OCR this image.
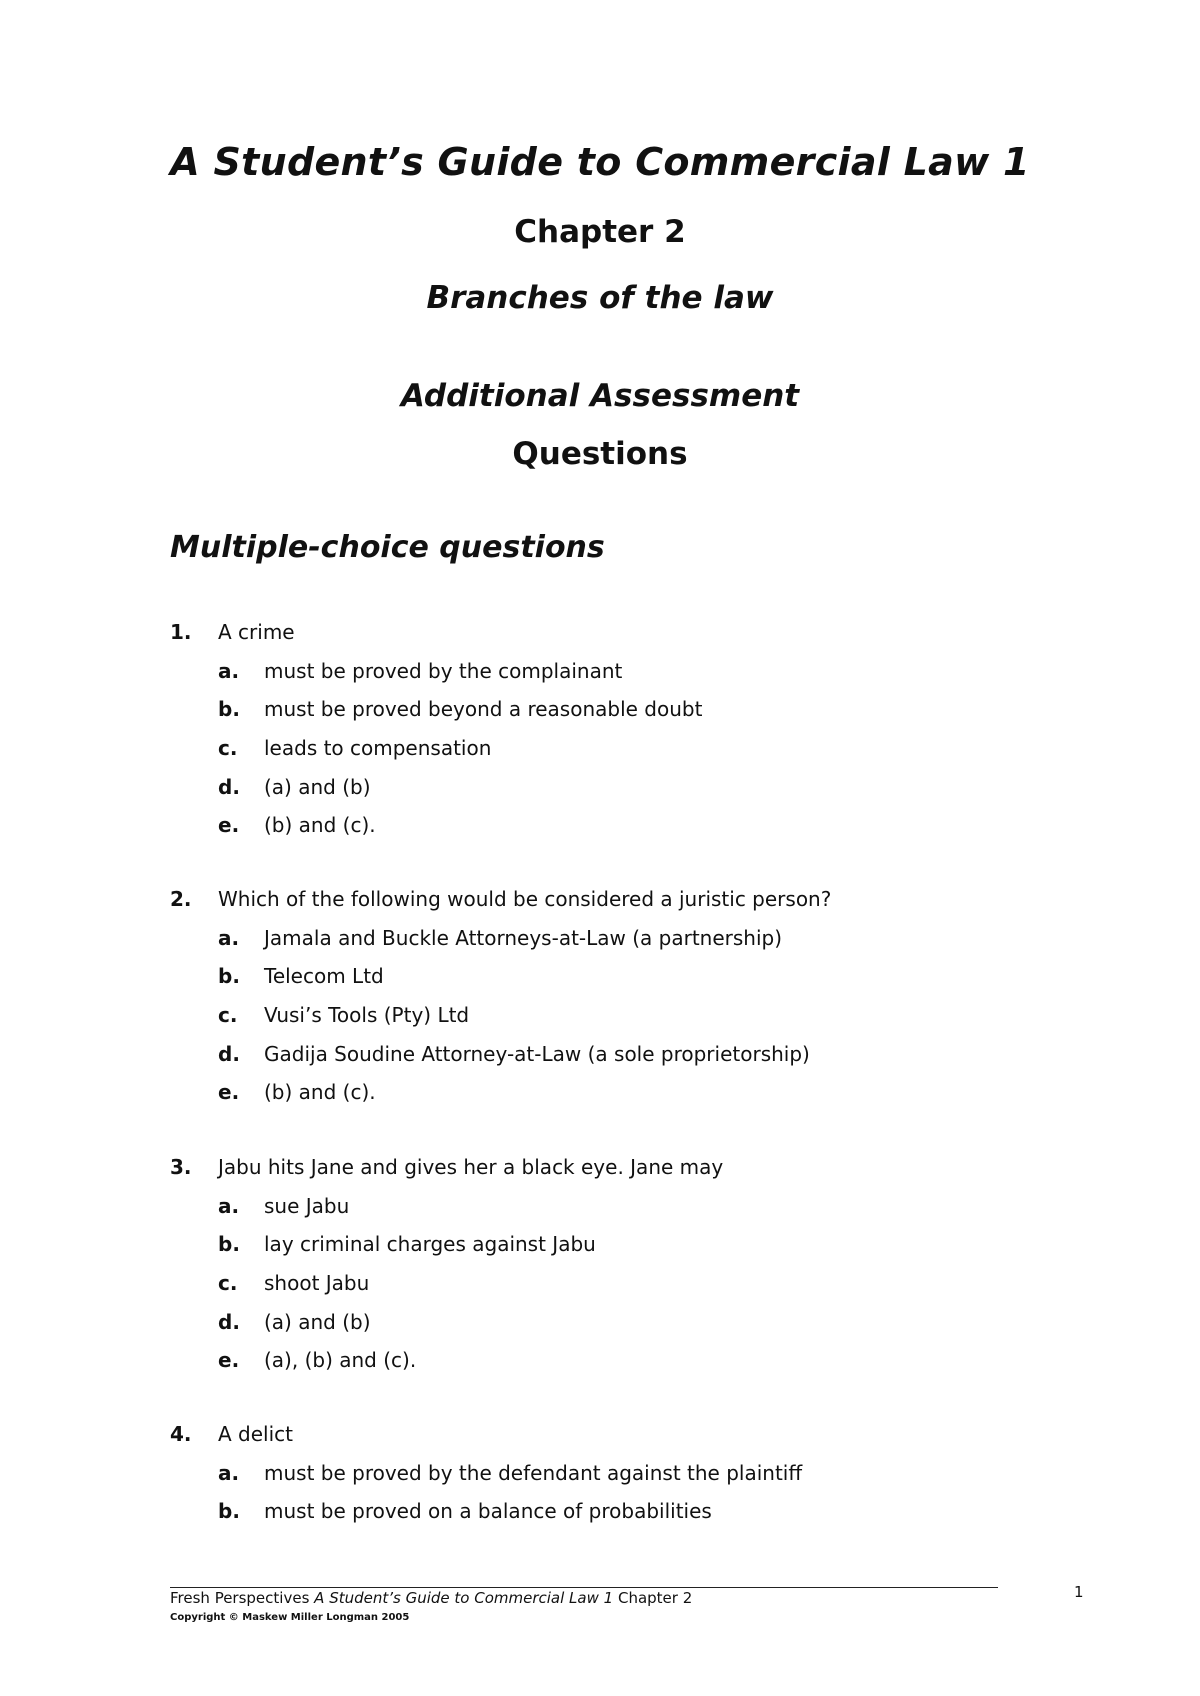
A Student’s Guide to Commercial Law 1
Chapter 2
Branches of the law
Additional Assessment
Questions
Multiple-choice questions
1. A crime
a. must be proved by the complainant
b. must be proved beyond a reasonable doubt
c. leads to compensation
d. (a) and (b)
e. (b) and (c).
2. Which of the following would be considered a juristic person?
a. Jamala and Buckle Attorneys-at-Law (a partnership)
b. Telecom Ltd
c. Vusi’s Tools (Pty) Ltd
d. Gadija Soudine Attorney-at-Law (a sole proprietorship)
e. (b) and (c).
3. Jabu hits Jane and gives her a black eye. Jane may
a. sue Jabu
b. lay criminal charges against Jabu
c. shoot Jabu
d. (a) and (b)
e. (a), (b) and (c).
4. A delict
a. must be proved by the defendant against the plaintiff
b. must be proved on a balance of probabilities
Fresh Perspectives A Student’s Guide to Commercial Law 1 Chapter 2
Copyright © Maskew Miller Longman 2005
1
